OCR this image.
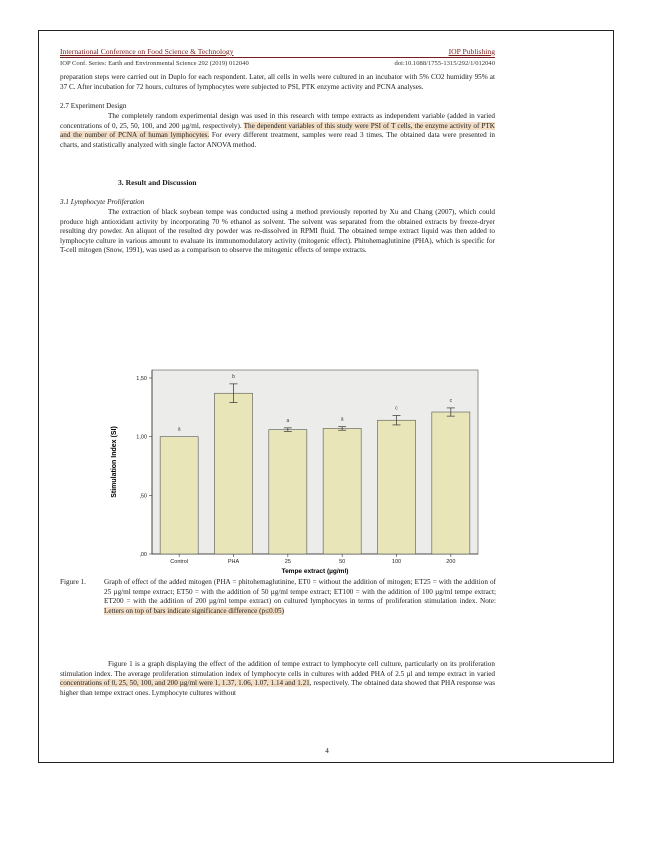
4
International Conference on Food Science & Technology	IOP Publishing
IOP Conf. Series: Earth and Environmental Science 292 (2019) 012040	doi:10.1088/1755-1315/292/1/012040
preparation steps were carried out in Duplo for each respondent. Later, all cells in wells were cultured in an incubator with 5% CO2 humidity 95% at 37 C. After incubation for 72 hours, cultures of lymphocytes were subjected to PSI, PTK enzyme activity and PCNA analyses.
2.7 Experiment Design
The completely random experimental design was used in this research with tempe extracts as independent variable (added in varied concentrations of 0, 25, 50, 100, and 200 µg/ml, respectively). The dependent variables of this study were PSI of T cells, the enzyme activity of PTK and the number of PCNA of human lymphocytes. For every different treatment, samples were read 3 times. The obtained data were presented in charts, and statistically analyzed with single factor ANOVA method.
3. Result and Discussion
3.1 Lymphocyte Proliferation
The extraction of black soybean tempe was conducted using a method previously reported by Xu and Chang (2007), which could produce high antioxidant activity by incorporating 70 % ethanol as solvent. The solvent was separated from the obtained extracts by freeze-dryer resulting dry powder. An aliquot of the resulted dry powder was re-dissolved in RPMI fluid. The obtained tempe extract liquid was then added to lymphocyte culture in various amount to evaluate its immunomodulatory activity (mitogenic effect). Phitohemaglutinine (PHA), which is specific for T-cell mitogen (Snow, 1991), was used as a comparison to observe the mitogenic effects of tempe extracts.
a
b
a	a
c
c
,00
,50
1,00
1,50
Control	PHA	25	50	100	200
Stimulation Index (SI)
Tempe extract (µg/ml)
Figure 1.	Graph of effect of the added mitogen (PHA = phitohemaglutinine, ET0 = without the addition of mitogen; ET25 = with the addition of 25 µg/ml tempe extract; ET50 = with the addition of 50 µg/ml tempe extract; ET100 = with the addition of 100 µg/ml tempe extract; ET200 = with the addition of 200 µg/ml tempe extract) on cultured lymphocytes in terms of proliferation stimulation index. Note: Letters on top of bars indicate significance difference (p≤0.05)
Figure 1 is a graph displaying the effect of the addition of tempe extract to lymphocyte cell culture, particularly on its proliferation stimulation index. The average proliferation stimulation index of lymphocyte cells in cultures with added PHA of 2.5 µl and tempe extract in varied concentrations of 0, 25, 50, 100, and 200 µg/ml were 1, 1.37, 1.06, 1.07, 1.14 and 1.21, respectively. The obtained data showed that PHA response was higher than tempe extract ones. Lymphocyte cultures without
